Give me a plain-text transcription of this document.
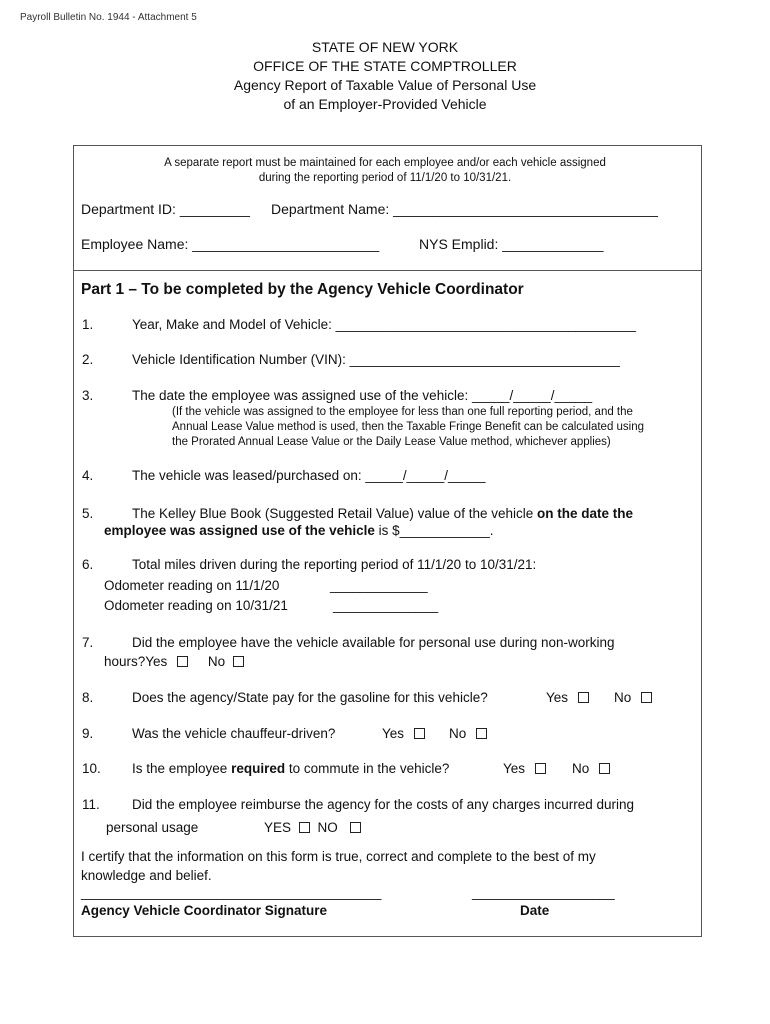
Payroll Bulletin No. 1944 - Attachment 5
STATE OF NEW YORK
OFFICE OF THE STATE COMPTROLLER
Agency Report of Taxable Value of Personal Use
of an Employer-Provided Vehicle
A separate report must be maintained for each employee and/or each vehicle assigned
during the reporting period of 11/1/20 to 10/31/21.
Department ID: _________ Department Name: __________________________________
Employee Name: ________________________	NYS Emplid: _____________
Part 1 – To be completed by the Agency Vehicle Coordinator
1.	Year, Make and Model of Vehicle: ________________________________________
2.	Vehicle Identification Number (VIN): ____________________________________
3.	The date the employee was assigned use of the vehicle: _____/_____/_____
(If the vehicle was assigned to the employee for less than one full reporting period, and the
Annual Lease Value method is used, then the Taxable Fringe Benefit can be calculated using
the Prorated Annual Lease Value or the Daily Lease Value method, whichever applies)
4.	The vehicle was leased/purchased on: _____/_____/_____
5.	The Kelley Blue Book (Suggested Retail Value) value of the vehicle on the date the
employee was assigned use of the vehicle is $____________.
6.	Total miles driven during the reporting period of 11/1/20 to 10/31/21:
Odometer reading on 11/1/20	_____________
Odometer reading on 10/31/21	______________
7.	Did the employee have the vehicle available for personal use during non-working
hours?Yes	No
8.	Does the agency/State pay for the gasoline for this vehicle?	Yes	No
9.	Was the vehicle chauffeur-driven?	Yes	No
10. Is the employee required to commute in the vehicle?	Yes	No
11. Did the employee reimburse the agency for the costs of any charges incurred during
personal usage	YES NO
I certify that the information on this form is true, correct and complete to the best of my
knowledge and belief.
________________________________________	___________________
Agency Vehicle Coordinator Signature	Date
